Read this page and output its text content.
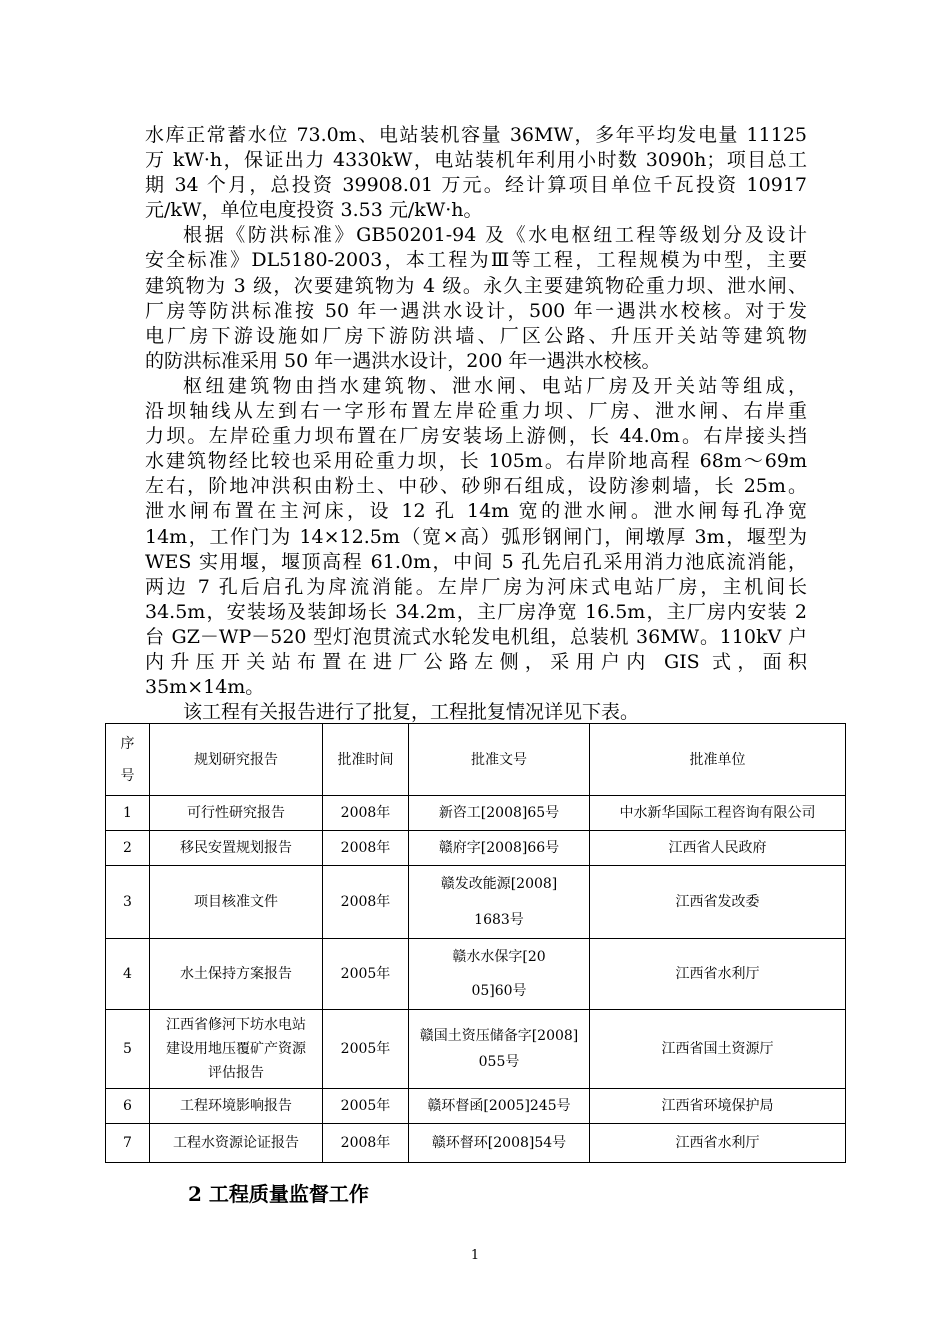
水库正常蓄水位 73.0m、电站装机容量 36MW，多年平均发电量 11125
万 kW·h，保证出力 4330kW，电站装机年利用小时数 3090h；项目总工
期 34 个月，总投资 39908.01 万元。经计算项目单位千瓦投资 10917
元/kW，单位电度投资 3.53 元/kW·h。
根据《防洪标准》GB50201-94 及《水电枢纽工程等级划分及设计
安全标准》DL5180-2003，本工程为Ⅲ等工程，工程规模为中型，主要
建筑物为 3 级，次要建筑物为 4 级。永久主要建筑物砼重力坝、泄水闸、
厂房等防洪标准按 50 年一遇洪水设计，500 年一遇洪水校核。对于发
电厂房下游设施如厂房下游防洪墙、厂区公路、升压开关站等建筑物
的防洪标准采用 50 年一遇洪水设计，200 年一遇洪水校核。
枢纽建筑物由挡水建筑物、泄水闸、电站厂房及开关站等组成，
沿坝轴线从左到右一字形布置左岸砼重力坝、厂房、泄水闸、右岸重
力坝。左岸砼重力坝布置在厂房安装场上游侧，长 44.0m。右岸接头挡
水建筑物经比较也采用砼重力坝，长 105m。右岸阶地高程 68m～69m
左右，阶地冲洪积由粉土、中砂、砂卵石组成，设防渗刺墙，长 25m。
泄水闸布置在主河床，设 12 孔 14m 宽的泄水闸。泄水闸每孔净宽
14m，工作门为 14×12.5m（宽×高）弧形钢闸门，闸墩厚 3m，堰型为
WES 实用堰，堰顶高程 61.0m，中间 5 孔先启孔采用消力池底流消能，
两边 7 孔后启孔为戽流消能。左岸厂房为河床式电站厂房，主机间长
34.5m，安装场及装卸场长 34.2m，主厂房净宽 16.5m，主厂房内安装 2
台 GZ－WP－520 型灯泡贯流式水轮发电机组，总装机 36MW。110kV 户
内升压开关站布置在进厂公路左侧，采用户内 GIS 式，面积
35m×14m。
该工程有关报告进行了批复，工程批复情况详见下表。
序号	规划研究报告	批准时间	批准文号	批准单位
1	可行性研究报告	2008年	新咨工[2008]65号	中水新华国际工程咨询有限公司
2	移民安置规划报告	2008年	赣府字[2008]66号	江西省人民政府
3	项目核准文件	2008年	赣发改能源[2008]1683号	江西省发改委
4	水土保持方案报告	2005年	赣水水保字[2005]60号	江西省水利厅
5	江西省修河下坊水电站建设用地压覆矿产资源评估报告	2005年	赣国土资压储备字[2008]055号	江西省国土资源厅
6	工程环境影响报告	2005年	赣环督函[2005]245号	江西省环境保护局
7	工程水资源论证报告	2008年	赣环督环[2008]54号	江西省水利厅
2 工程质量监督工作
1
